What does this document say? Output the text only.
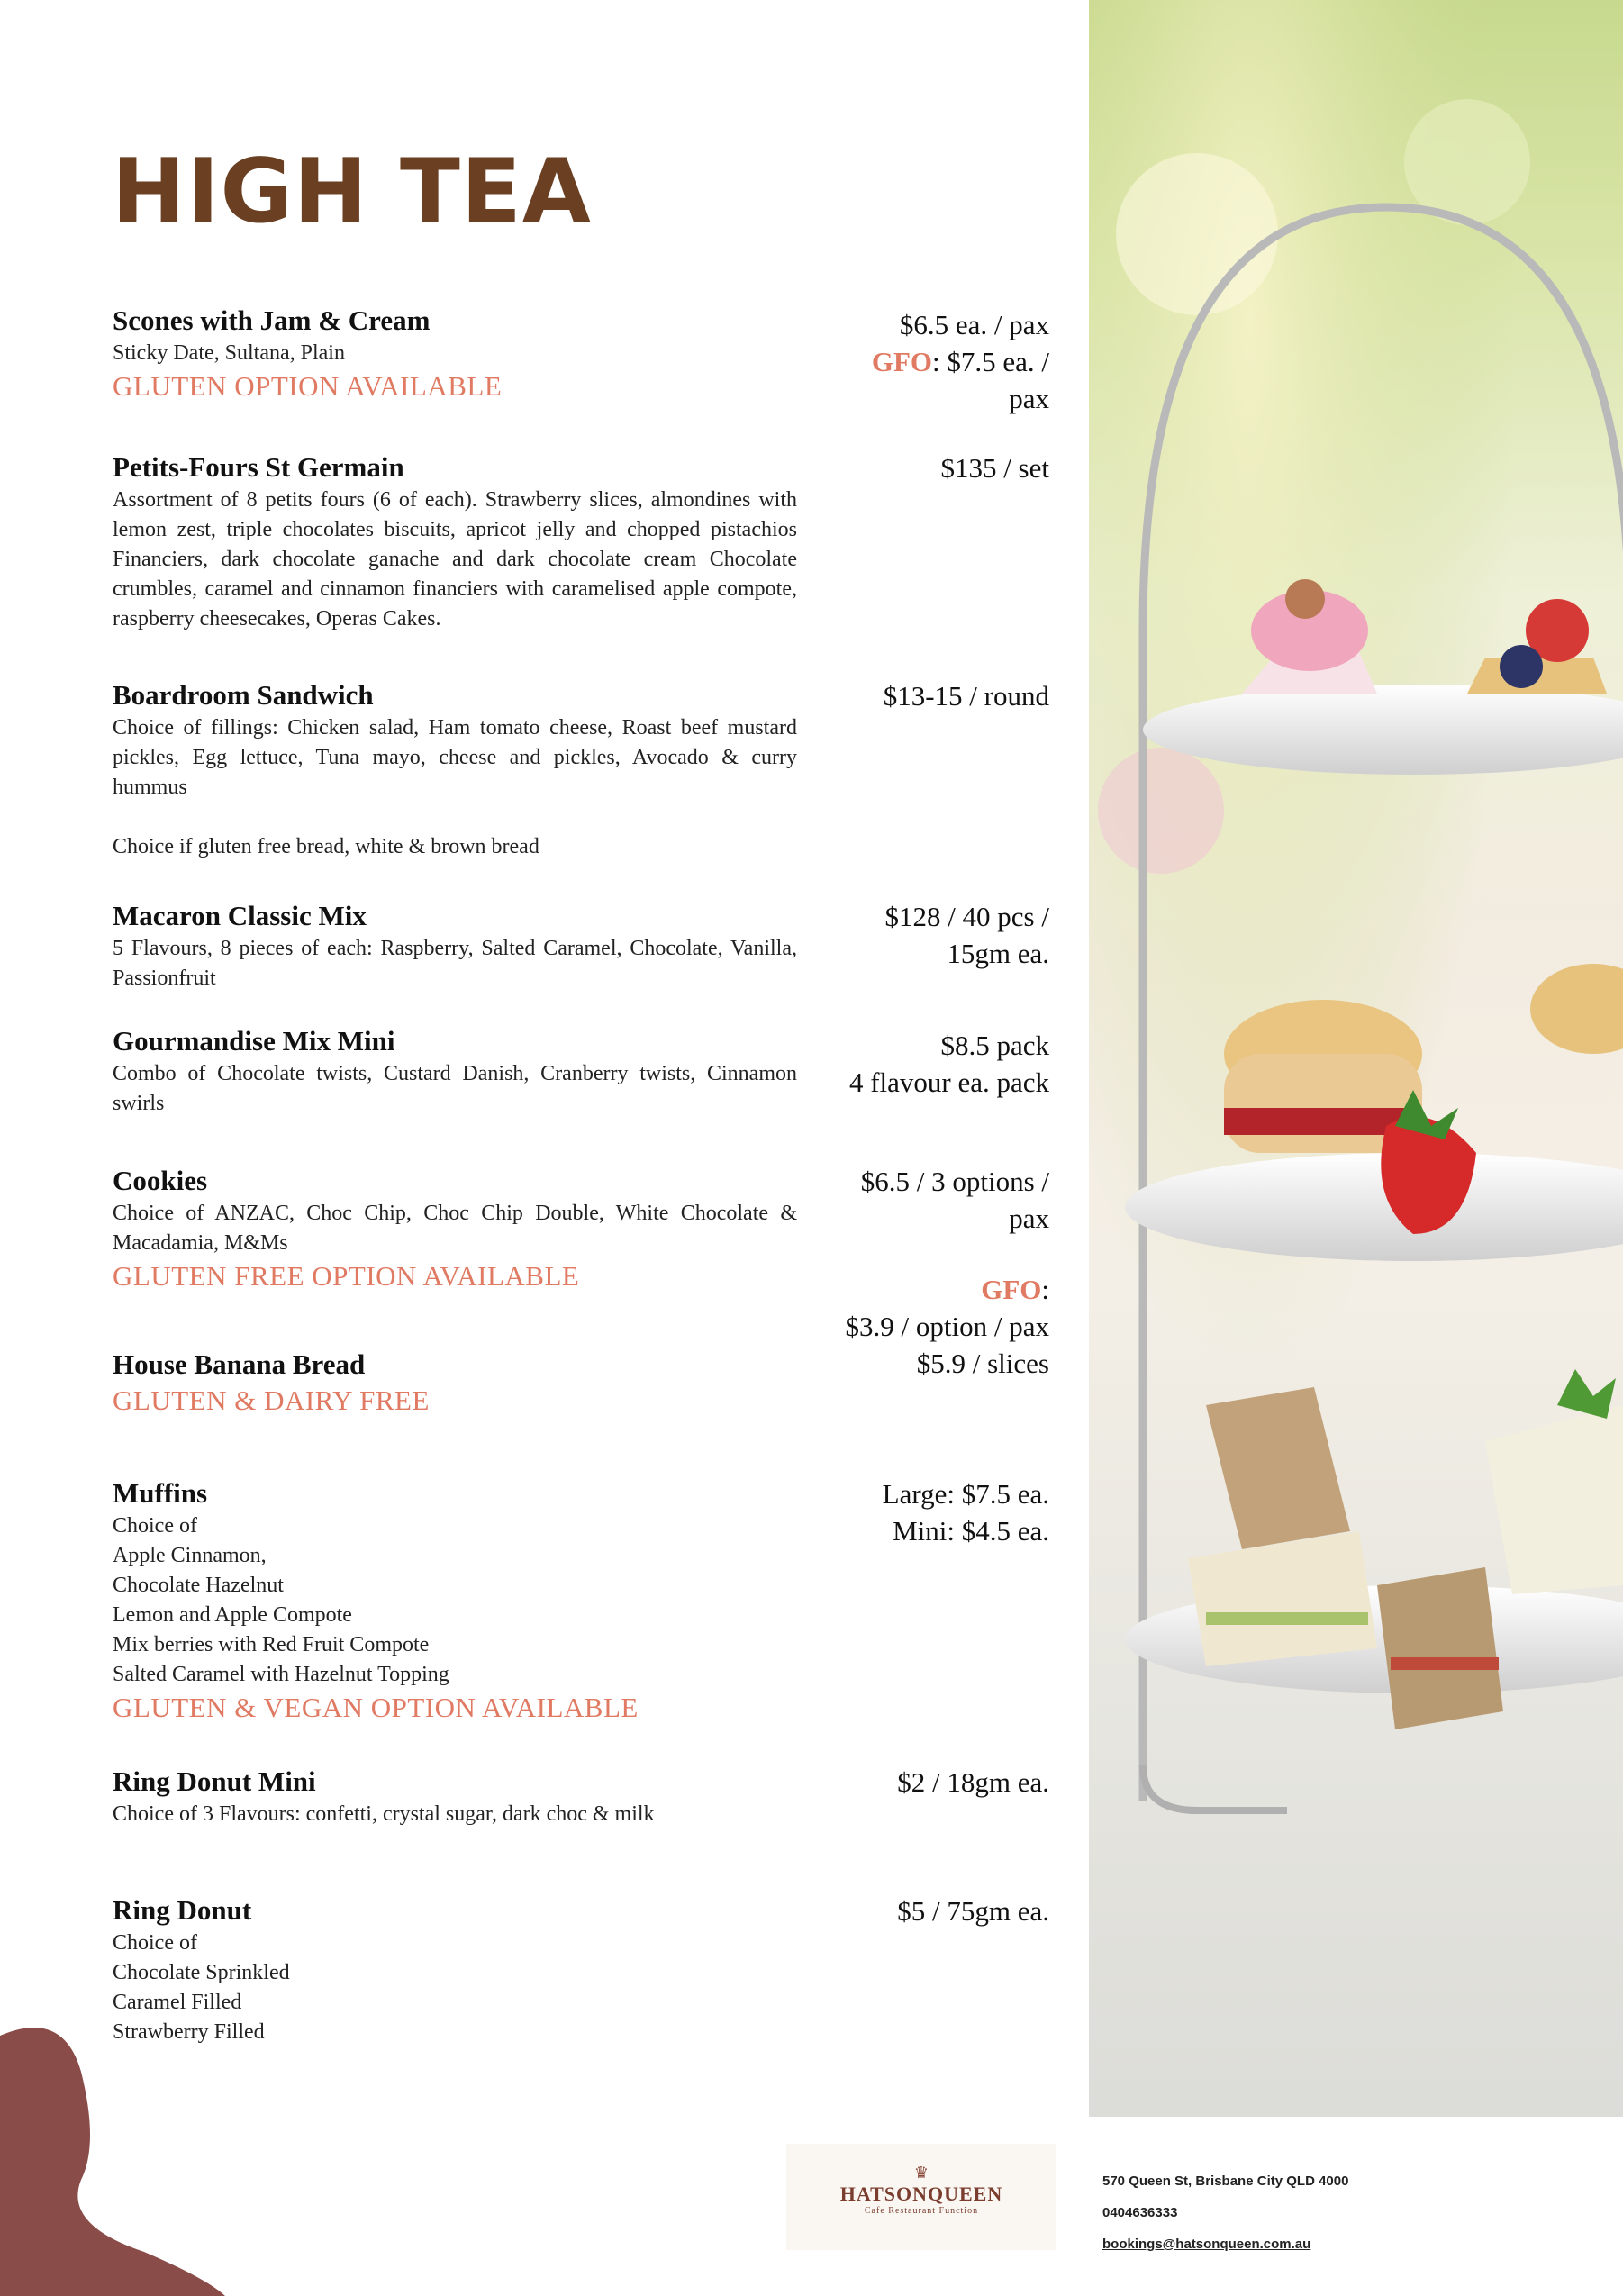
HIGH TEA
Scones with Jam & Cream
Sticky Date, Sultana, Plain
GLUTEN OPTION AVAILABLE
$6.5 ea. / pax
GFO: $7.5 ea. /
pax
Petits-Fours St Germain
Assortment of 8 petits fours (6 of each). Strawberry slices, almondines with lemon zest, triple chocolates biscuits, apricot jelly and chopped pistachios Financiers, dark chocolate ganache and dark chocolate cream Chocolate crumbles, caramel and cinnamon financiers with caramelised apple compote, raspberry cheesecakes, Operas Cakes.
$135 / set
Boardroom Sandwich
Choice of fillings: Chicken salad, Ham tomato cheese, Roast beef mustard pickles, Egg lettuce, Tuna mayo, cheese and pickles, Avocado & curry hummus
Choice if gluten free bread, white & brown bread
$13-15 / round
Macaron Classic Mix
5 Flavours, 8 pieces of each: Raspberry, Salted Caramel, Chocolate, Vanilla, Passionfruit
$128 / 40 pcs /
15gm ea.
Gourmandise Mix Mini
Combo of Chocolate twists, Custard Danish, Cranberry twists, Cinnamon swirls
$8.5 pack
4 flavour ea. pack
Cookies
Choice of ANZAC, Choc Chip, Choc Chip Double, White Chocolate & Macadamia, M&Ms
GLUTEN FREE OPTION AVAILABLE
$6.5 / 3 options /
pax
GFO:
$3.9 / option / pax
$5.9 / slices
House Banana Bread
GLUTEN & DAIRY FREE
Muffins
Choice of
Apple Cinnamon,
Chocolate Hazelnut
Lemon and Apple Compote
Mix berries with Red Fruit Compote
Salted Caramel with Hazelnut Topping
GLUTEN & VEGAN OPTION AVAILABLE
Large: $7.5 ea.
Mini: $4.5 ea.
Ring Donut Mini
Choice of 3 Flavours: confetti, crystal sugar, dark choc & milk
$2 / 18gm ea.
Ring Donut
Choice of
Chocolate Sprinkled
Caramel Filled
Strawberry Filled
$5 / 75gm ea.
♛
HATSONQUEEN
Cafe Restaurant Function
570 Queen St, Brisbane City QLD 4000
0404636333
bookings@hatsonqueen.com.au
